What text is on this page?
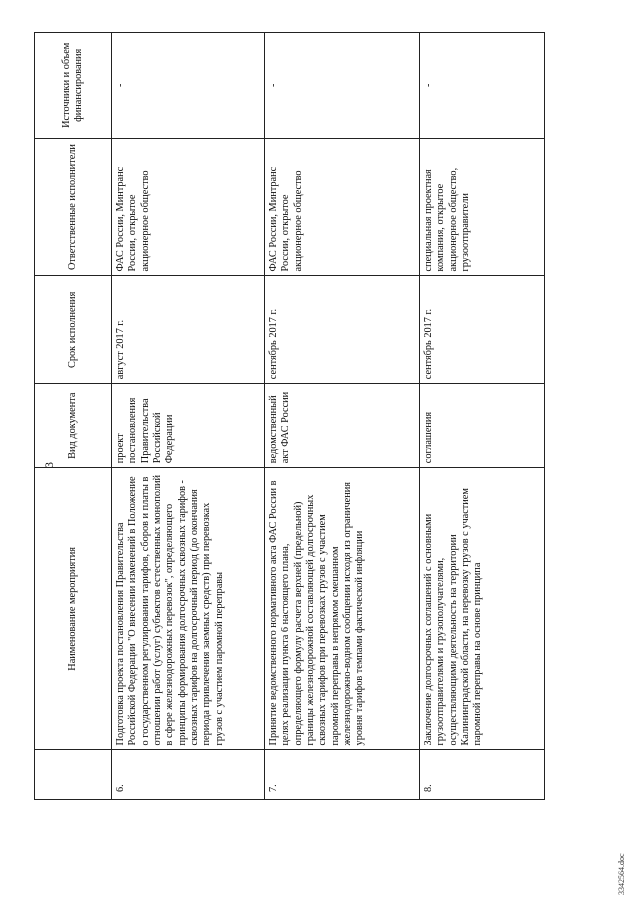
3
	Наименование мероприятия	Вид документа	Срок исполнения	Ответственные исполнители	Источники и объем финансирования
6.	Подготовка проекта постановления Правительства Российской Федерации "О внесении изменений в Положение о государственном регулировании тарифов, сборов и платы в отношении работ (услуг) субъектов естественных монополий в сфере железнодорожных перевозок", определяющего принципы формирования долгосрочных сквозных тарифов - сквозных тарифов на долгосрочный период (до окончания периода привлечения заемных средств) при перевозках грузов с участием паромной переправы	проект постановления Правительства Российской Федерации	август 2017 г.	ФАС России, Минтранс России, открытое акционерное общество	-
7.	Принятие ведомственного нормативного акта ФАС России в целях реализации пункта 6 настоящего плана, определяющего формулу расчета верхней (предельной) границы железнодорожной составляющей долгосрочных сквозных тарифов при перевозках грузов с участием паромной переправы в непрямом смешанном железнодорожно-водном сообщении исходя из ограничения уровня тарифов темпами фактической инфляции	ведомственный акт ФАС России	сентябрь 2017 г.	ФАС России, Минтранс России, открытое акционерное общество	-
8.	Заключение долгосрочных соглашений с основными грузоотправителями и грузополучателями, осуществляющими деятельность на территории Калининградской области, на перевозку грузов с участием паромной переправы на основе принципа	соглашения	сентябрь 2017 г.	специальная проектная компания, открытое акционерное общество, грузоотправители	-
3342564.doc
